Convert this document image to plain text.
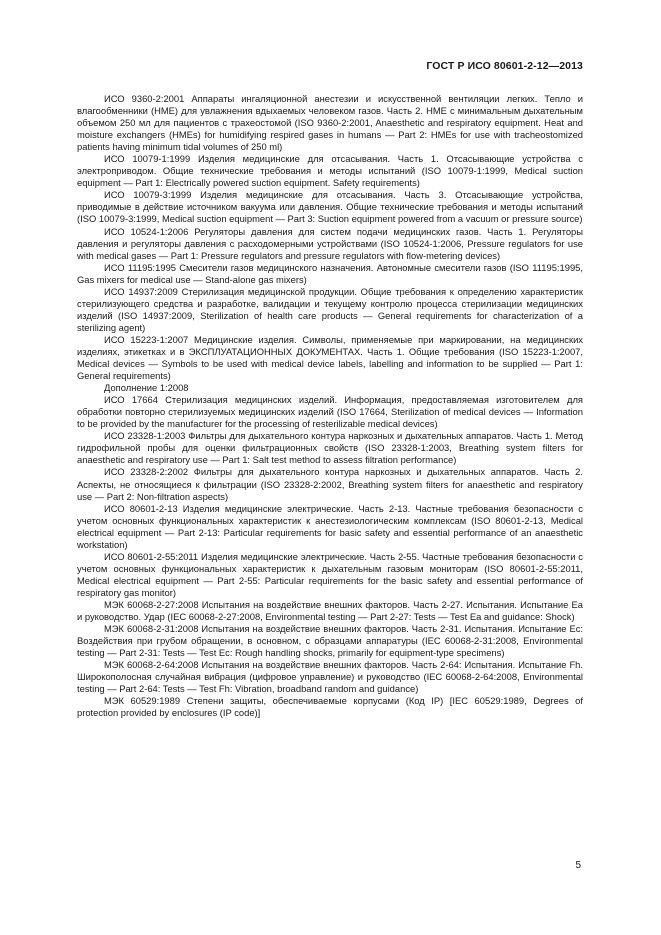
ГОСТ Р ИСО 80601-2-12—2013

ИСО 9360-2:2001 Аппараты ингаляционной анестезии и искусственной вентиляции легких. Тепло и влагообменники (HME) для увлажнения вдыхаемых человеком газов. Часть 2. HME с минимальным дыхательным объемом 250 мл для пациентов с трахеостомой (ISO 9360-2:2001, Anaesthetic and respiratory equipment. Heat and moisture exchangers (HMEs) for humidifying respired gases in humans — Part 2: HMEs for use with tracheostomized patients having minimum tidal volumes of 250 ml)

ИСО 10079-1:1999 Изделия медицинские для отсасывания. Часть 1. Отсасывающие устройства с электроприводом. Общие технические требования и методы испытаний (ISO 10079-1:1999, Medical suction equipment — Part 1: Electrically powered suction equipment. Safety requirements)

ИСО 10079-3:1999 Изделия медицинские для отсасывания. Часть 3. Отсасывающие устройства, приводимые в действие источником вакуума или давления. Общие технические требования и методы испытаний (ISO 10079-3:1999, Medical suction equipment — Part 3: Suction equipment powered from a vacuum or pressure source)

ИСО 10524-1:2006 Регуляторы давления для систем подачи медицинских газов. Часть 1. Регуляторы давления и регуляторы давления с расходомерными устройствами (ISO 10524-1:2006, Pressure regulators for use with medical gases — Part 1: Pressure regulators and pressure regulators with flow-metering devices)

ИСО 11195:1995 Смесители газов медицинского назначения. Автономные смесители газов (ISO 11195:1995, Gas mixers for medical use — Stand-alone gas mixers)

ИСО 14937:2009 Стерилизация медицинской продукции. Общие требования к определению характеристик стерилизующего средства и разработке, валидации и текущему контролю процесса стерилизации медицинских изделий (ISO 14937:2009, Sterilization of health care products — General requirements for characterization of a sterilizing agent)

ИСО 15223-1:2007 Медицинские изделия. Символы, применяемые при маркировании, на медицинских изделиях, этикетках и в ЭКСПЛУАТАЦИОННЫХ ДОКУМЕНТАХ. Часть 1. Общие требования (ISO 15223-1:2007, Medical devices — Symbols to be used with medical device labels, labelling and information to be supplied — Part 1: General requirements)

Дополнение 1:2008

ИСО 17664 Стерилизация медицинских изделий. Информация, предоставляемая изготовителем для обработки повторно стерилизуемых медицинских изделий (ISO 17664, Sterilization of medical devices — Information to be provided by the manufacturer for the processing of resterilizable medical devices)

ИСО 23328-1:2003 Фильтры для дыхательного контура наркозных и дыхательных аппаратов. Часть 1. Метод гидрофильной пробы для оценки фильтрационных свойств (ISO 23328-1:2003, Breathing system filters for anaesthetic and respiratory use — Part 1: Salt test method to assess filtration performance)

ИСО 23328-2:2002 Фильтры для дыхательного контура наркозных и дыхательных аппаратов. Часть 2. Аспекты, не относящиеся к фильтрации (ISO 23328-2:2002, Breathing system filters for anaesthetic and respiratory use — Part 2: Non-filtration aspects)

ИСО 80601-2-13 Изделия медицинские электрические. Часть 2-13. Частные требования безопасности с учетом основных функциональных характеристик к анестезиологическим комплексам (ISO 80601-2-13, Medical electrical equipment — Part 2-13: Particular requirements for basic safety and essential performance of an anaesthetic workstation)

ИСО 80601-2-55:2011 Изделия медицинские электрические. Часть 2-55. Частные требования безопасности с учетом основных функциональных характеристик к дыхательным газовым мониторам (ISO 80601-2-55:2011, Medical electrical equipment — Part 2-55: Particular requirements for the basic safety and essential performance of respiratory gas monitor)

МЭК 60068-2-27:2008 Испытания на воздействие внешних факторов. Часть 2-27. Испытания. Испытание Ea и руководство. Удар (IEC 60068-2-27:2008, Environmental testing — Part 2-27: Tests — Test Ea and guidance: Shock)

МЭК 60068-2-31:2008 Испытания на воздействие внешних факторов. Часть 2-31. Испытания. Испытание Ec: Воздействия при грубом обращении, в основном, с образцами аппаратуры (IEC 60068-2-31:2008, Environmental testing — Part 2-31: Tests — Test Ec: Rough handling shocks, primarily for equipment-type specimens)

МЭК 60068-2-64:2008 Испытания на воздействие внешних факторов. Часть 2-64: Испытания. Испытание Fh. Широкополосная случайная вибрация (цифровое управление) и руководство (IEC 60068-2-64:2008, Environmental testing — Part 2-64: Tests — Test Fh: Vibration, broadband random and guidance)

МЭК 60529:1989 Степени защиты, обеспечиваемые корпусами (Код IP) [IEC 60529:1989, Degrees of protection provided by enclosures (IP code)]

5
